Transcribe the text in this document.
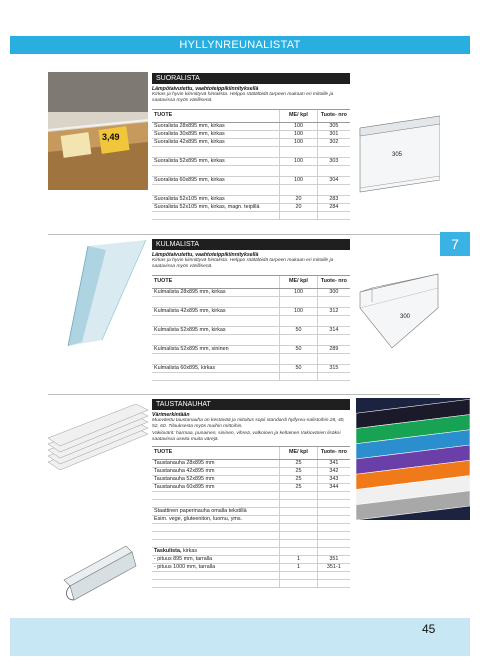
HYLLYNREUNALISTAT
3,49
SUORALISTA
Lämpötaivutettu, vaahtoteippikiinnityksellä
Kirkas ja hyvin kiinnittyvä hintalista. Helppo räätälöidä tarpeen mukaan eri mitoille ja saatavissa myös värillisenä.
TUOTE	ME/ kpl	Tuote- nro
Suoralista 28x895 mm, kirkas	100	305
Suoralista 30x895 mm, kirkas	100	301
Suoralista 42x895 mm, kirkas	100	302

Suoralista 52x895 mm, kirkas	100	303

Suoralista 60x895 mm, kirkas	100	304

Suoralista 52x105 mm, kirkas	20	283
Suoralista 52x105 mm, kirkas, magn. teipillä	20	284

305
7
KULMALISTA
Lämpötaivutettu, vaahtoteippikiinnityksellä
Kirkas ja hyvin kiinnittyvä hintalista. Helppo räätälöidä tarpeen mukaan eri mitoille ja saatavissa myös värillisenä.
TUOTE	ME/ kpl	Tuote- nro
Kulmalista 28x895 mm, kirkas	100	300

Kulmalista 42x895 mm, kirkas	100	312

Kulmalista 52x895 mm, kirkas	50	314

Kulmalista 52x895 mm, sininen	50	289

Kulmalista 60x895, kirkas	50	315

300
TAUSTANAUHAT
Värimerkintään
Muovitettu taustanauha on kestävää ja mitoitus sopii standardi hyllyreu-nalistoihin 28, 40, 52, 60. Tilauksesta myös muihin mittoihin.
Vakiovärit: harmaa, punainen, sininen, vihreä, valkoinen ja keltainen Vakiovärien lisäksi saatavissa useita muita värejä.
TUOTE	ME/ kpl	Tuote- nro
Taustanauha 28x895 mm	25	341
Taustanauha 42x895 mm	25	342
Taustanauha 52x895 mm	25	343
Taustanauha 60x895 mm	25	344

Staattinen paperinauha omalla tekstillä		
Esim. vege, gluteeniton, luomu, yms.		

Taskulista, kirkas		
- pituus 895 mm, tarralla	1	351
- pituus 1000 mm, tarralla	1	351-1

45
